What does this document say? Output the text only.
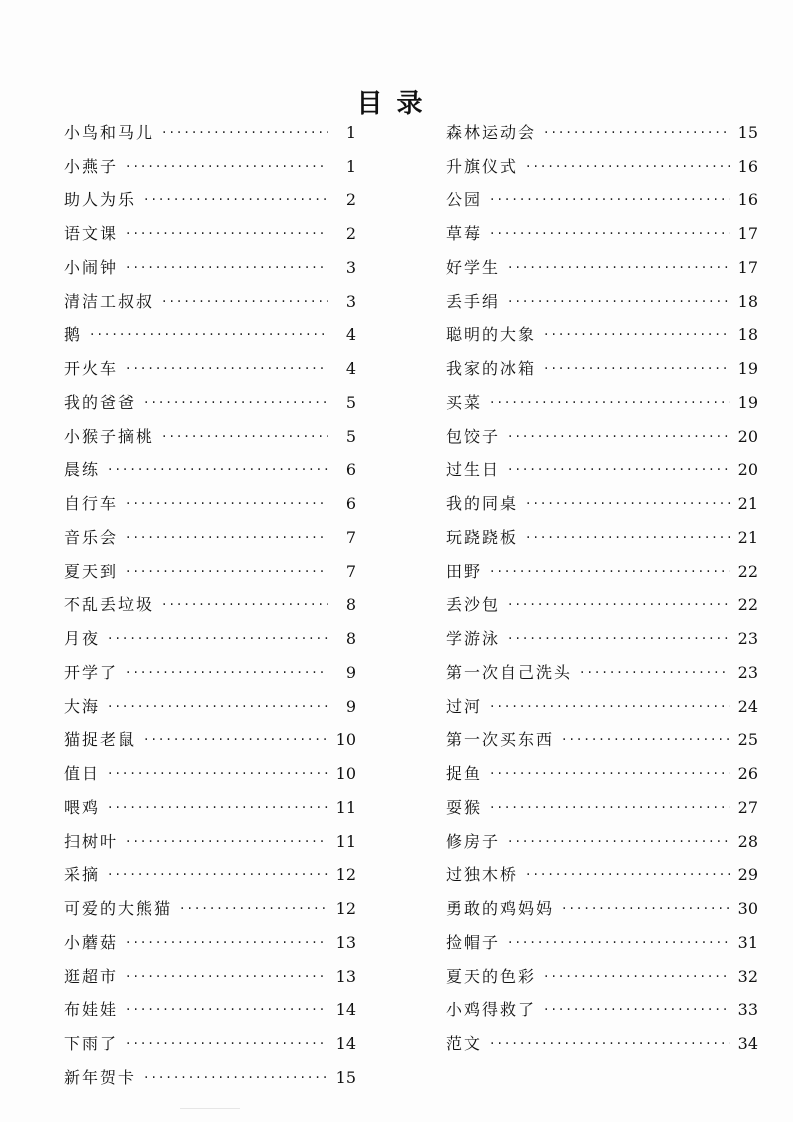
目录
小鸟和马儿 ·····	1
小燕子 ·····	1
助人为乐 ·····	2
语文课 ·····	2
小闹钟 ·····	3
清洁工叔叔 ·····	3
鹅 ·····	4
开火车 ·····	4
我的爸爸 ·····	5
小猴子摘桃 ·····	5
晨练 ·····	6
自行车 ·····	6
音乐会 ·····	7
夏天到 ·····	7
不乱丢垃圾 ·····	8
月夜 ·····	8
开学了 ·····	9
大海 ·····	9
猫捉老鼠 ·····	10
值日 ·····	10
喂鸡 ·····	11
扫树叶 ·····	11
采摘 ·····	12
可爱的大熊猫 ·····	12
小蘑菇 ·····	13
逛超市 ·····	13
布娃娃 ·····	14
下雨了 ·····	14
新年贺卡 ·····	15
森林运动会 ·····	15
升旗仪式 ·····	16
公园 ·····	16
草莓 ·····	17
好学生 ·····	17
丢手绢 ·····	18
聪明的大象 ·····	18
我家的冰箱 ·····	19
买菜 ·····	19
包饺子 ·····	20
过生日 ·····	20
我的同桌 ·····	21
玩跷跷板 ·····	21
田野 ·····	22
丢沙包 ·····	22
学游泳 ·····	23
第一次自己洗头 ·····	23
过河 ·····	24
第一次买东西 ·····	25
捉鱼 ·····	26
耍猴 ·····	27
修房子 ·····	28
过独木桥 ·····	29
勇敢的鸡妈妈 ·····	30
捡帽子 ·····	31
夏天的色彩 ·····	32
小鸡得救了 ·····	33
范文 ·····	34
